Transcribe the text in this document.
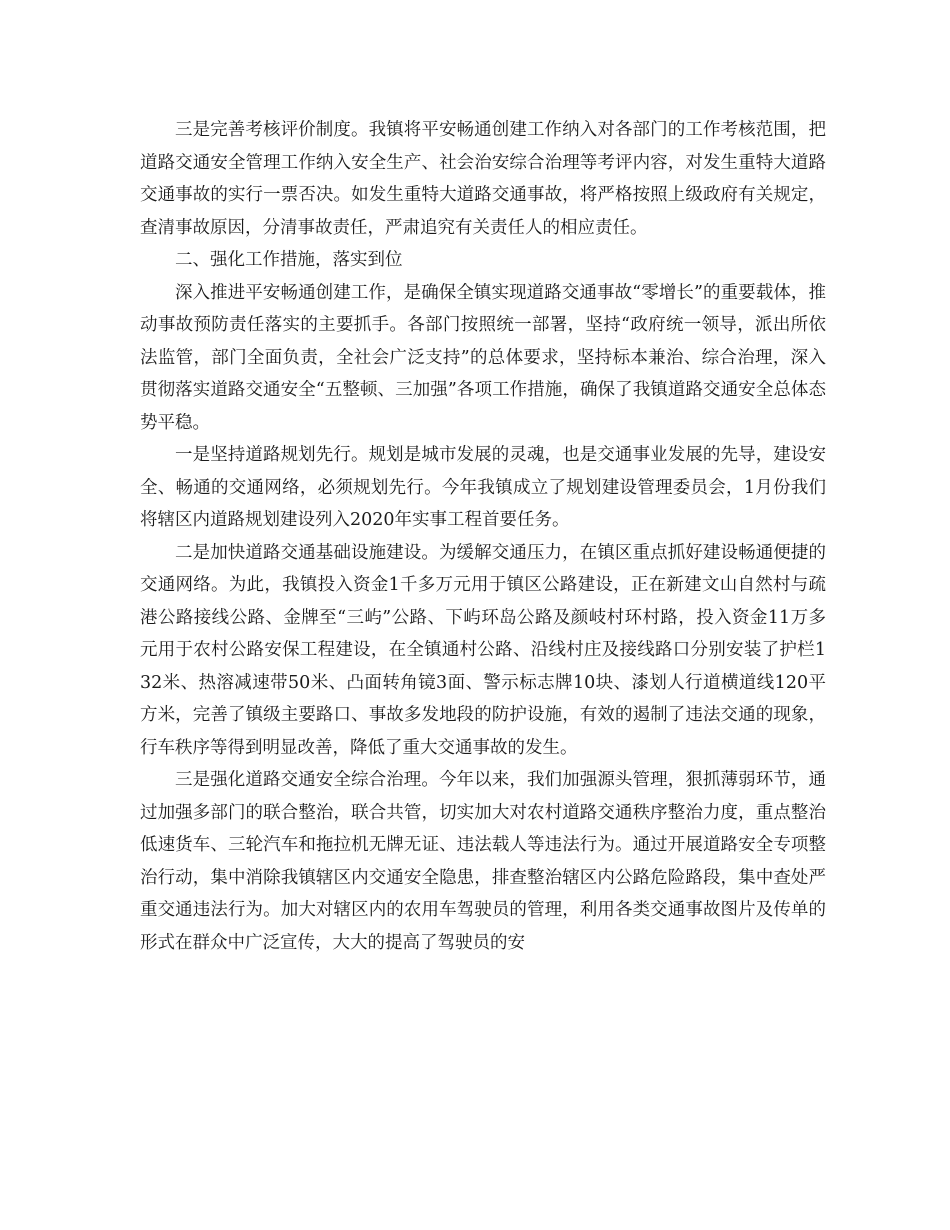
三是完善考核评价制度。我镇将平安畅通创建工作纳入对各部门的工作考核范围，把道路交通安全管理工作纳入安全生产、社会治安综合治理等考评内容，对发生重特大道路交通事故的实行一票否决。如发生重特大道路交通事故，将严格按照上级政府有关规定，查清事故原因，分清事故责任，严肃追究有关责任人的相应责任。

二、强化工作措施，落实到位

深入推进平安畅通创建工作，是确保全镇实现道路交通事故“零增长”的重要载体，推动事故预防责任落实的主要抓手。各部门按照统一部署，坚持“政府统一领导，派出所依法监管，部门全面负责，全社会广泛支持”的总体要求，坚持标本兼治、综合治理，深入贯彻落实道路交通安全“五整顿、三加强”各项工作措施，确保了我镇道路交通安全总体态势平稳。

一是坚持道路规划先行。规划是城市发展的灵魂，也是交通事业发展的先导，建设安全、畅通的交通网络，必须规划先行。今年我镇成立了规划建设管理委员会，1月份我们将辖区内道路规划建设列入2020年实事工程首要任务。

二是加快道路交通基础设施建设。为缓解交通压力，在镇区重点抓好建设畅通便捷的交通网络。为此，我镇投入资金1千多万元用于镇区公路建设，正在新建文山自然村与疏港公路接线公路、金牌至“三屿”公路、下屿环岛公路及颜岐村环村路，投入资金11万多元用于农村公路安保工程建设，在全镇通村公路、沿线村庄及接线路口分别安装了护栏132米、热溶减速带50米、凸面转角镜3面、警示标志牌10块、漆划人行道横道线120平方米，完善了镇级主要路口、事故多发地段的防护设施，有效的遏制了违法交通的现象，行车秩序等得到明显改善，降低了重大交通事故的发生。

三是强化道路交通安全综合治理。今年以来，我们加强源头管理，狠抓薄弱环节，通过加强多部门的联合整治，联合共管，切实加大对农村道路交通秩序整治力度，重点整治低速货车、三轮汽车和拖拉机无牌无证、违法载人等违法行为。通过开展道路安全专项整治行动，集中消除我镇辖区内交通安全隐患，排查整治辖区内公路危险路段，集中查处严重交通违法行为。加大对辖区内的农用车驾驶员的管理，利用各类交通事故图片及传单的形式在群众中广泛宣传，大大的提高了驾驶员的安
